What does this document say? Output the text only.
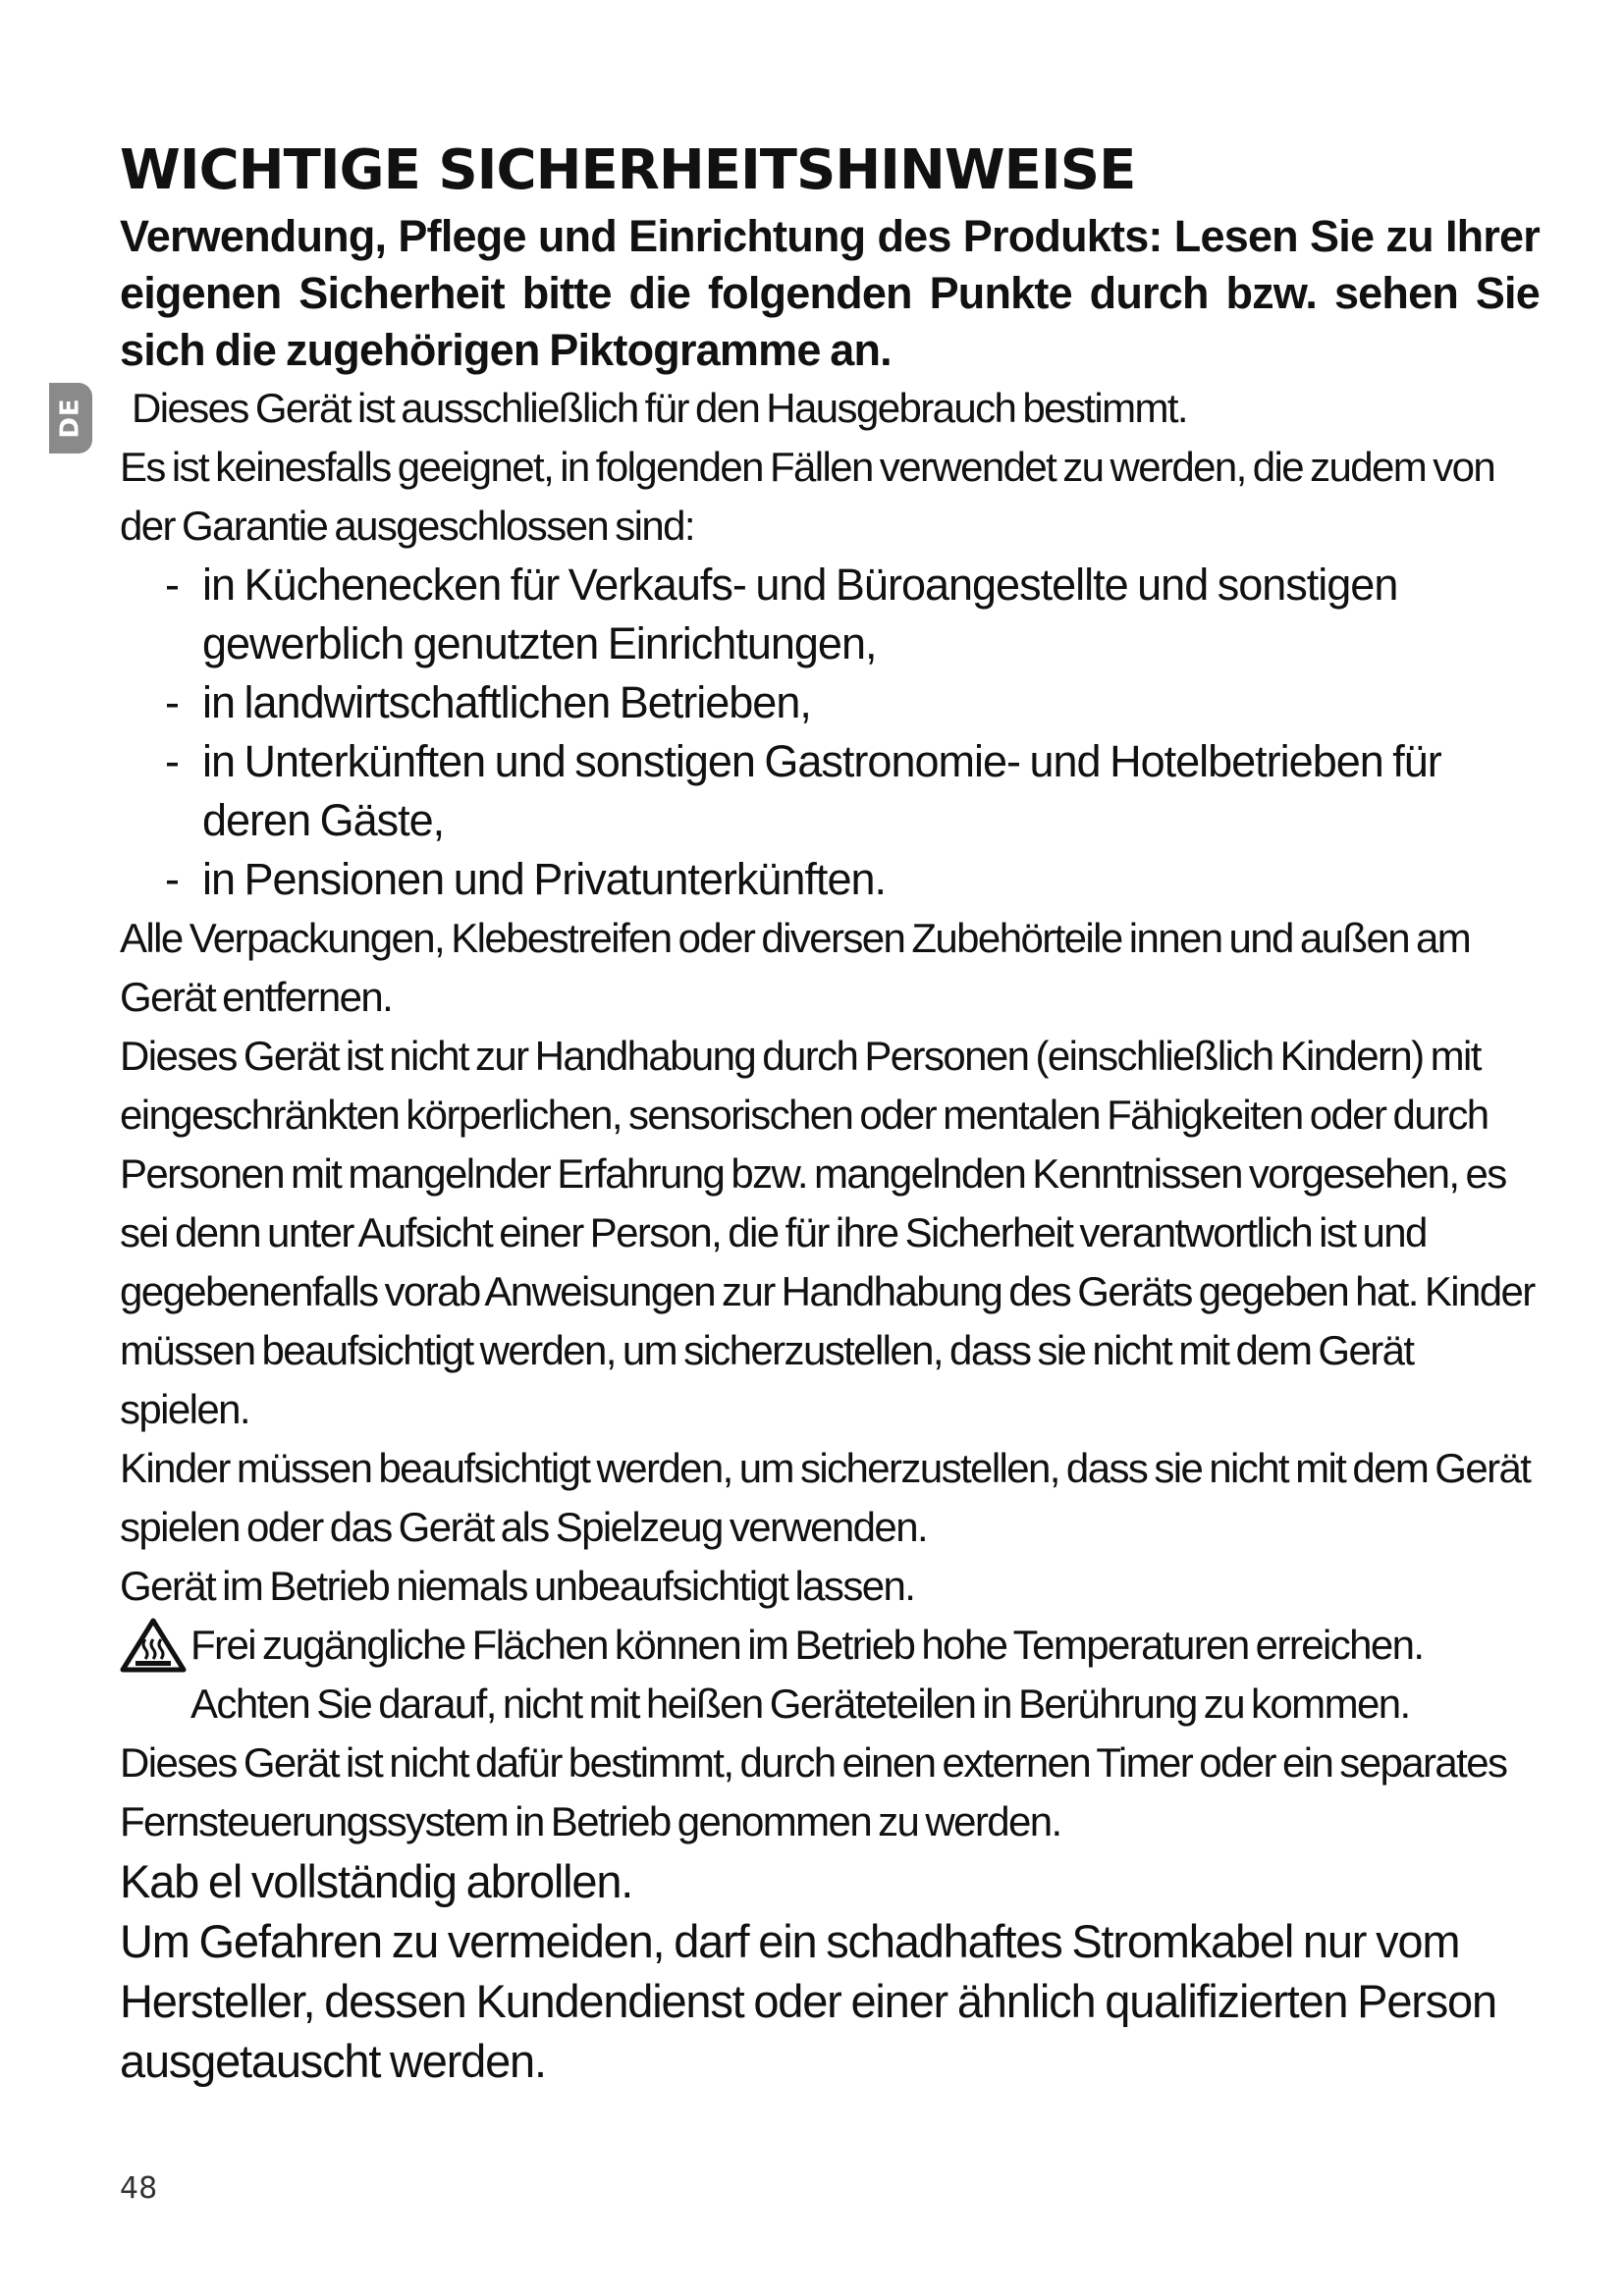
DE
WICHTIGE SICHERHEITSHINWEISE

Verwendung, Pflege und Einrichtung des Produkts: Lesen Sie zu Ihrer eigenen Sicherheit bitte die folgenden Punkte durch bzw. sehen Sie sich die zugehörigen Piktogramme an.

Dieses Gerät ist ausschließlich für den Hausgebrauch bestimmt.

Es ist keinesfalls geeignet, in folgenden Fällen verwendet zu werden, die zudem von der Garantie ausgeschlossen sind:

- in Küchenecken für Verkaufs- und Büroangestellte und sonstigen gewerblich genutzten Einrichtungen,
- in landwirtschaftlichen Betrieben,
- in Unterkünften und sonstigen Gastronomie- und Hotelbetrieben für deren Gäste,
- in Pensionen und Privatunterkünften.

Alle Verpackungen, Klebestreifen oder diversen Zubehörteile innen und außen am Gerät entfernen.

Dieses Gerät ist nicht zur Handhabung durch Personen (einschließlich Kindern) mit eingeschränkten körperlichen, sensorischen oder mentalen Fähigkeiten oder durch Personen mit mangelnder Erfahrung bzw. mangelnden Kenntnissen vorgesehen, es sei denn unter Aufsicht einer Person, die für ihre Sicherheit verantwortlich ist und gegebenenfalls vorab Anweisungen zur Handhabung des Geräts gegeben hat. Kinder müssen beaufsichtigt werden, um sicherzustellen, dass sie nicht mit dem Gerät spielen.

Kinder müssen beaufsichtigt werden, um sicherzustellen, dass sie nicht mit dem Gerät spielen oder das Gerät als Spielzeug verwenden.

Gerät im Betrieb niemals unbeaufsichtigt lassen.

Frei zugängliche Flächen können im Betrieb hohe Temperaturen erreichen. Achten Sie darauf, nicht mit heißen Geräteteilen in Berührung zu kommen.

Dieses Gerät ist nicht dafür bestimmt, durch einen externen Timer oder ein separates Fernsteuerungssystem in Betrieb genommen zu werden.

Kab el vollständig abrollen.

Um Gefahren zu vermeiden, darf ein schadhaftes Stromkabel nur vom Hersteller, dessen Kundendienst oder einer ähnlich qualifizierten Person ausgetauscht werden.

48
